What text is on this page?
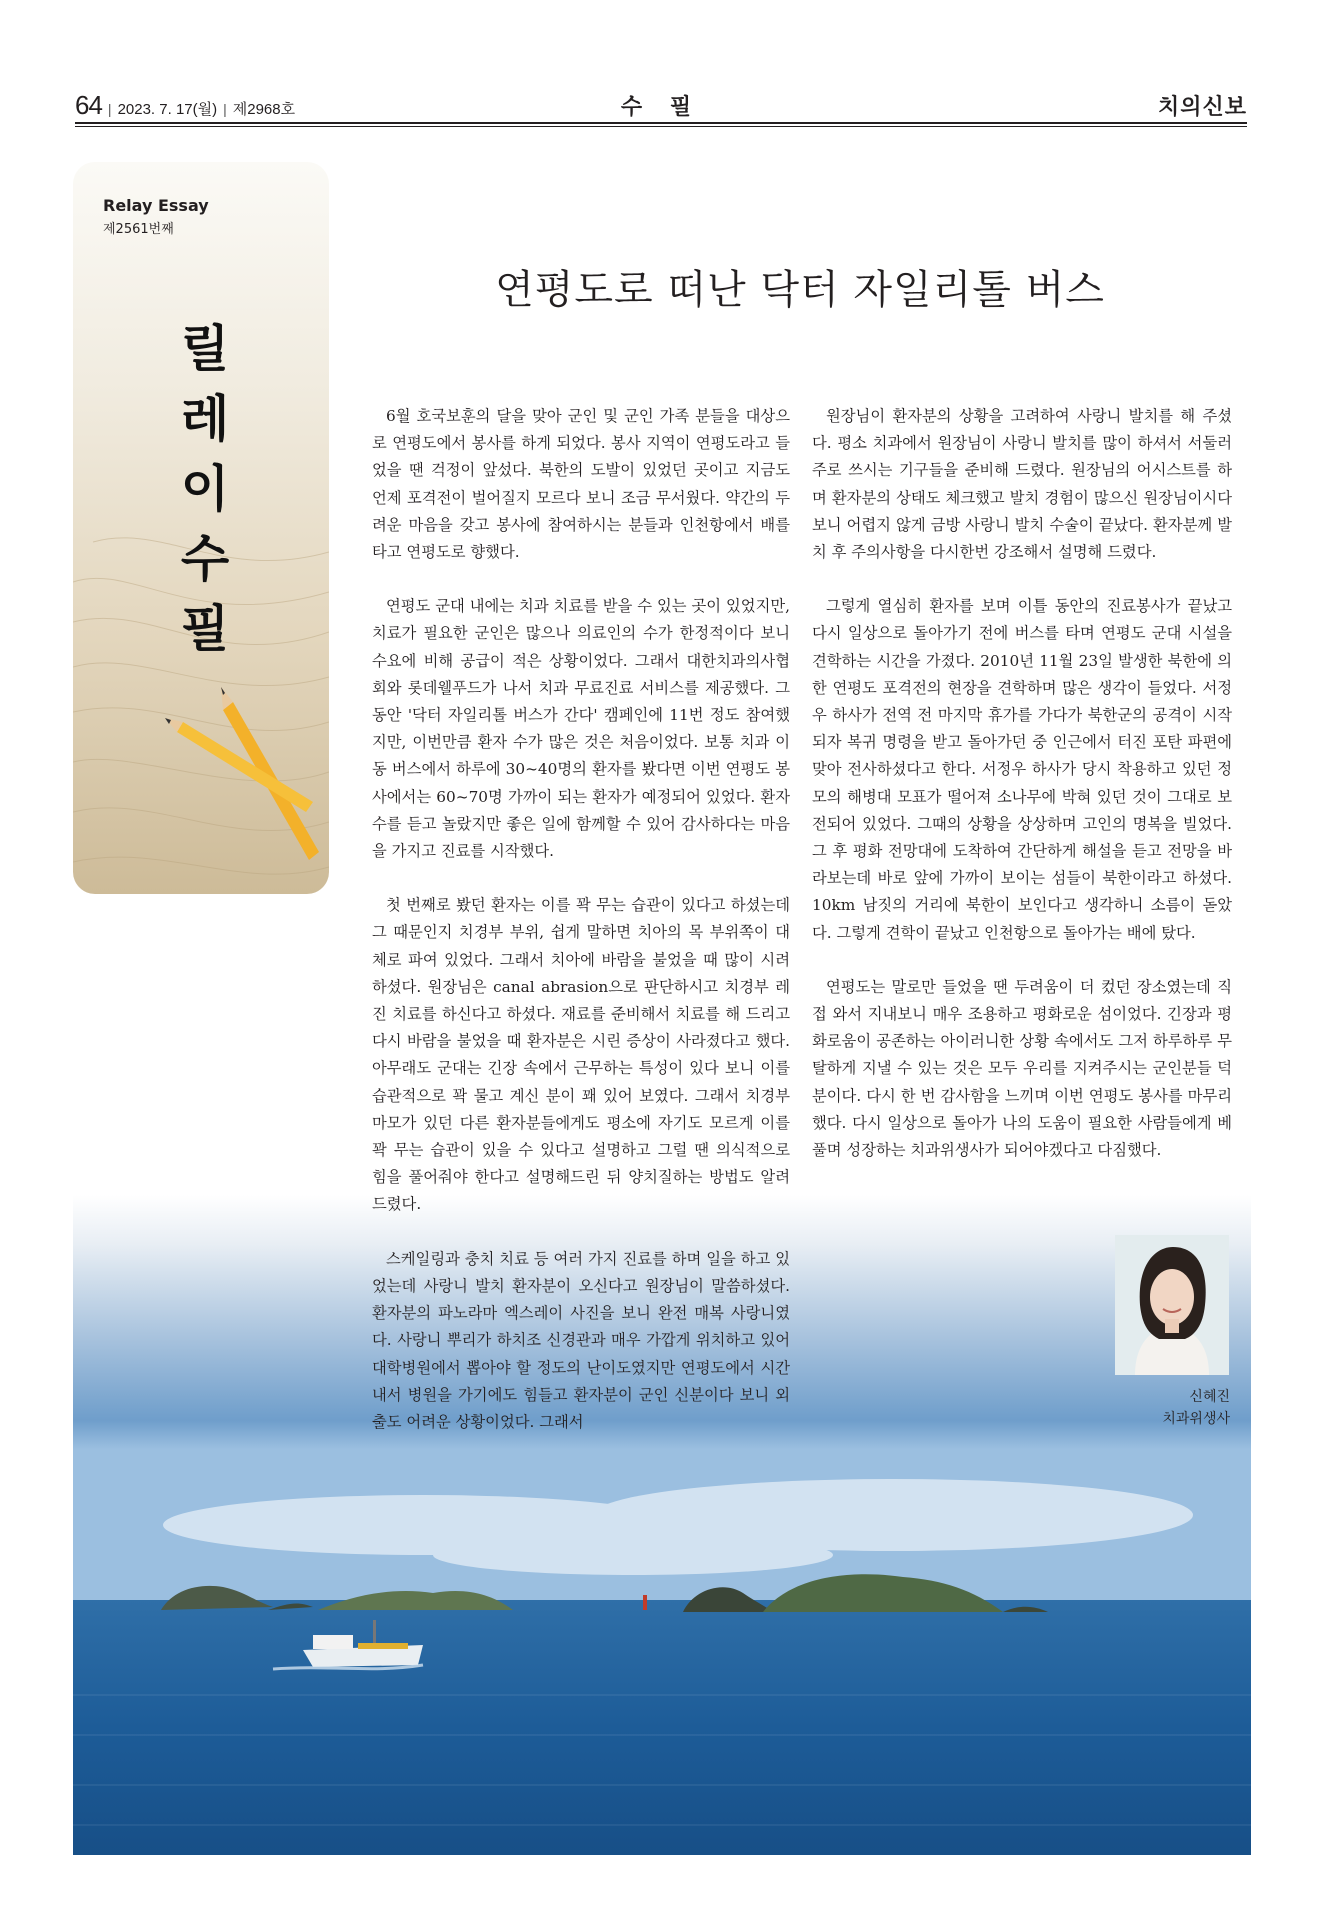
64 | 2023. 7. 17(월) | 제2968호	수 필	치의신보
Relay Essay
제2561번째
릴
레
이
수
필
연평도로 떠난 닥터 자일리톨 버스

6월 호국보훈의 달을 맞아 군인 및 군인 가족 분들을 대상으로 연평도에서 봉사를 하게 되었다. 봉사 지역이 연평도라고 들었을 땐 걱정이 앞섰다. 북한의 도발이 있었던 곳이고 지금도 언제 포격전이 벌어질지 모르다 보니 조금 무서웠다. 약간의 두려운 마음을 갖고 봉사에 참여하시는 분들과 인천항에서 배를 타고 연평도로 향했다.

연평도 군대 내에는 치과 치료를 받을 수 있는 곳이 있었지만, 치료가 필요한 군인은 많으나 의료인의 수가 한정적이다 보니 수요에 비해 공급이 적은 상황이었다. 그래서 대한치과의사협회와 롯데웰푸드가 나서 치과 무료진료 서비스를 제공했다. 그동안 '닥터 자일리톨 버스가 간다' 캠페인에 11번 정도 참여했지만, 이번만큼 환자 수가 많은 것은 처음이었다. 보통 치과 이동 버스에서 하루에 30~40명의 환자를 봤다면 이번 연평도 봉사에서는 60~70명 가까이 되는 환자가 예정되어 있었다. 환자 수를 듣고 놀랐지만 좋은 일에 함께할 수 있어 감사하다는 마음을 가지고 진료를 시작했다.

첫 번째로 봤던 환자는 이를 꽉 무는 습관이 있다고 하셨는데 그 때문인지 치경부 부위, 쉽게 말하면 치아의 목 부위쪽이 대체로 파여 있었다. 그래서 치아에 바람을 불었을 때 많이 시려 하셨다. 원장님은 canal abrasion으로 판단하시고 치경부 레진 치료를 하신다고 하셨다. 재료를 준비해서 치료를 해 드리고 다시 바람을 불었을 때 환자분은 시린 증상이 사라졌다고 했다. 아무래도 군대는 긴장 속에서 근무하는 특성이 있다 보니 이를 습관적으로 꽉 물고 계신 분이 꽤 있어 보였다. 그래서 치경부 마모가 있던 다른 환자분들에게도 평소에 자기도 모르게 이를 꽉 무는 습관이 있을 수 있다고 설명하고 그럴 땐 의식적으로 힘을 풀어줘야 한다고 설명해드린 뒤 양치질하는 방법도 알려드렸다.

스케일링과 충치 치료 등 여러 가지 진료를 하며 일을 하고 있었는데 사랑니 발치 환자분이 오신다고 원장님이 말씀하셨다. 환자분의 파노라마 엑스레이 사진을 보니 완전 매복 사랑니였다. 사랑니 뿌리가 하치조 신경관과 매우 가깝게 위치하고 있어 대학병원에서 뽑아야 할 정도의 난이도였지만 연평도에서 시간 내서 병원을 가기에도 힘들고 환자분이 군인 신분이다 보니 외출도 어려운 상황이었다. 그래서

원장님이 환자분의 상황을 고려하여 사랑니 발치를 해 주셨다. 평소 치과에서 원장님이 사랑니 발치를 많이 하셔서 서둘러 주로 쓰시는 기구들을 준비해 드렸다. 원장님의 어시스트를 하며 환자분의 상태도 체크했고 발치 경험이 많으신 원장님이시다 보니 어렵지 않게 금방 사랑니 발치 수술이 끝났다. 환자분께 발치 후 주의사항을 다시한번 강조해서 설명해 드렸다.

그렇게 열심히 환자를 보며 이틀 동안의 진료봉사가 끝났고 다시 일상으로 돌아가기 전에 버스를 타며 연평도 군대 시설을 견학하는 시간을 가졌다. 2010년 11월 23일 발생한 북한에 의한 연평도 포격전의 현장을 견학하며 많은 생각이 들었다. 서정우 하사가 전역 전 마지막 휴가를 가다가 북한군의 공격이 시작되자 복귀 명령을 받고 돌아가던 중 인근에서 터진 포탄 파편에 맞아 전사하셨다고 한다. 서정우 하사가 당시 착용하고 있던 정모의 해병대 모표가 떨어져 소나무에 박혀 있던 것이 그대로 보전되어 있었다. 그때의 상황을 상상하며 고인의 명복을 빌었다. 그 후 평화 전망대에 도착하여 간단하게 해설을 듣고 전망을 바라보는데 바로 앞에 가까이 보이는 섬들이 북한이라고 하셨다. 10km 남짓의 거리에 북한이 보인다고 생각하니 소름이 돋았다. 그렇게 견학이 끝났고 인천항으로 돌아가는 배에 탔다.

연평도는 말로만 들었을 땐 두려움이 더 컸던 장소였는데 직접 와서 지내보니 매우 조용하고 평화로운 섬이었다. 긴장과 평화로움이 공존하는 아이러니한 상황 속에서도 그저 하루하루 무탈하게 지낼 수 있는 것은 모두 우리를 지켜주시는 군인분들 덕분이다. 다시 한 번 감사함을 느끼며 이번 연평도 봉사를 마무리했다. 다시 일상으로 돌아가 나의 도움이 필요한 사람들에게 베풀며 성장하는 치과위생사가 되어야겠다고 다짐했다.

신혜진
치과위생사
